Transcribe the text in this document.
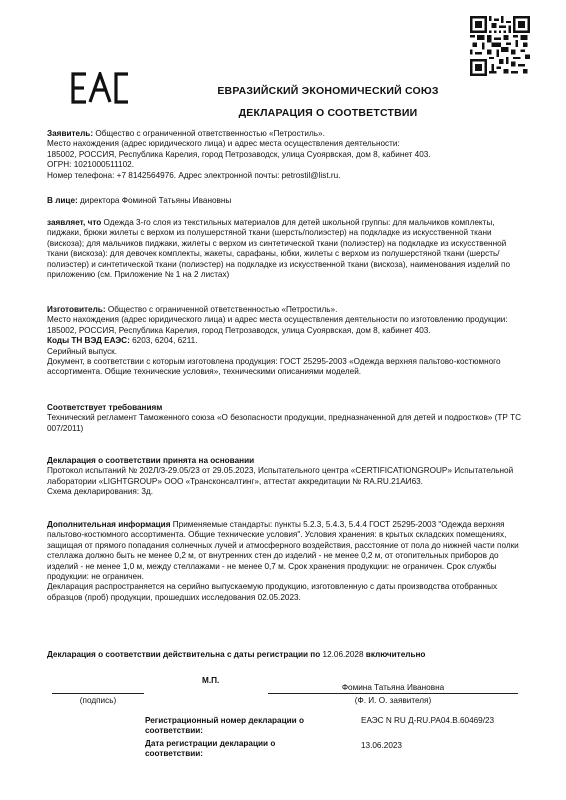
ЕВРАЗИЙСКИЙ ЭКОНОМИЧЕСКИЙ СОЮЗ
ДЕКЛАРАЦИЯ О СООТВЕТСТВИИ

Заявитель: Общество с ограниченной ответственностью «Петростиль».

Место нахождения (адрес юридического лица) и адрес места осуществления деятельности:

185002, РОССИЯ, Республика Карелия, город Петрозаводск, улица Суоярвская, дом 8, кабинет 403.

ОГРН: 1021000511102.

Номер телефона: +7 8142564976. Адрес электронной почты: petrostil@list.ru.

В лице: директора Фоминой Татьяны Ивановны

заявляет, что Одежда 3-го слоя из текстильных материалов для детей школьной группы: для мальчиков комплекты, пиджаки, брюки жилеты с верхом из полушерстяной ткани (шерсть/полиэстер) на подкладке из искусственной ткани (вискоза); для мальчиков пиджаки, жилеты с верхом из синтетической ткани (полиэстер) на подкладке из искусственной ткани (вискоза): для девочек комплекты, жакеты, сарафаны, юбки, жилеты с верхом из полушерстяной ткани (шерсть/полиэстер) и синтетической ткани (полиэстер) на подкладке из искусственной ткани (вискоза), наименования изделий по приложению (см. Приложение № 1 на 2 листах)

Изготовитель: Общество с ограниченной ответственностью «Петростиль».

Место нахождения (адрес юридического лица) и адрес места осуществления деятельности по изготовлению продукции: 185002, РОССИЯ, Республика Карелия, город Петрозаводск, улица Суоярвская, дом 8, кабинет 403.

Коды ТН ВЭД ЕАЭС: 6203, 6204, 6211.

Серийный выпуск.

Документ, в соответствии с которым изготовлена продукция: ГОСТ 25295-2003 «Одежда верхняя пальтово-костюмного ассортимента. Общие технические условия», техническими описаниями моделей.

Соответствует требованиям

Технический регламент Таможенного союза «О безопасности продукции, предназначенной для детей и подростков» (ТР ТС 007/2011)

Декларация о соответствии принята на основании

Протокол испытаний № 202Л/3-29.05/23 от 29.05.2023, Испытательного центра «CERTIFICATIONGROUP» Испытательной лаборатории «LIGHTGROUP» ООО «Трансконсалтинг», аттестат аккредитации № RA.RU.21АИ63.

Схема декларирования: 3д.

Дополнительная информация Применяемые стандарты: пункты 5.2.3, 5.4.3, 5.4.4 ГОСТ 25295-2003 "Одежда верхняя пальтово-костюмного ассортимента. Общие технические условия". Условия хранения: в крытых складских помещениях, защищая от прямого попадания солнечных лучей и атмосферного воздействия, расстояние от пола до нижней части полки стеллажа должно быть не менее 0,2 м, от внутренних стен до изделий - не менее 0,2 м, от отопительных приборов до изделий - не менее 1,0 м, между стеллажами - не менее 0,7 м. Срок хранения продукции: не ограничен. Срок службы продукции: не ограничен.

Декларация распространяется на серийно выпускаемую продукцию, изготовленную с даты производства отобранных образцов (проб) продукции, прошедших исследования 02.05.2023.

Декларация о соответствии действительна с даты регистрации по 12.06.2028 включительно

М.П.
(подпись)
Фомина Татьяна Ивановна
(Ф. И. О. заявителя)
Регистрационный номер декларации о соответствии:
ЕАЭС N RU Д-RU.РА04.В.60469/23
Дата регистрации декларации о соответствии:
13.06.2023
